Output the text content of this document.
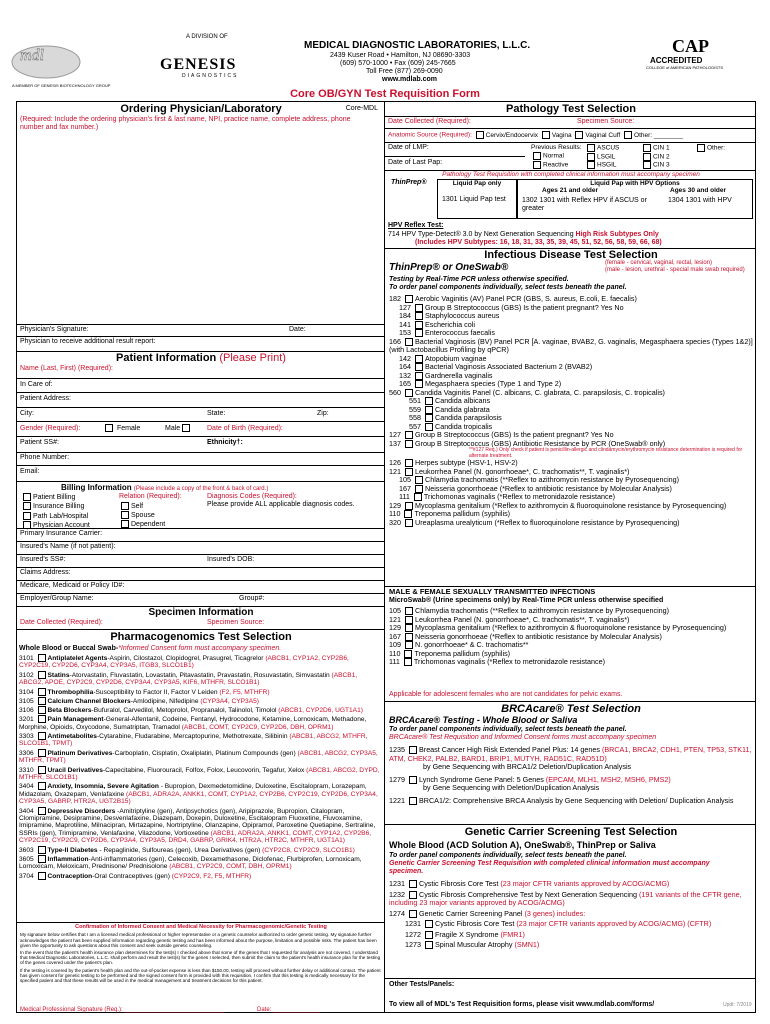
mdl
A DIVISION OF
GENESIS
DIAGNOSTICS
A MEMBER OF GENESIS BIOTECHNOLOGY GROUP
MEDICAL DIAGNOSTIC LABORATORIES, L.L.C.
2439 Kuser Road • Hamilton, NJ 08690-3303
(609) 570-1000 • Fax (609) 245-7665
Toll Free (877) 269-0090
www.mdlab.com
CAP
ACCREDITED
COLLEGE of AMERICAN PATHOLOGISTS
Core OB/GYN Test Requisition Form
Ordering Physician/Laboratory	Core-MDL
(Required: Include the ordering physician's first & last name, NPI, practice name, complete address, phone number and fax number.)
Physician's Signature:	Date:
Physician to receive additional result report:
Patient Information (Please Print)
Name (Last, First) (Required):
In Care of:
Patient Address:
City:	State:	Zip:
Gender (Required):	Female	Male	Date of Birth (Required):
Patient SS#:	Ethnicity†:
Phone Number:
Email:
Billing Information (Please include a copy of the front & back of card.)
Patient Billing
Insurance Billing
Path Lab/Hospital
Physician Account
Relation (Required):
Self
Spouse
Dependent
Diagnosis Codes (Required):
Please provide ALL applicable diagnosis codes.
Primary Insurance Carrier:
Insured's Name (if not patient):
Insured's SS#:	Insured's DOB:
Claims Address:
Medicare, Medicaid or Policy ID#:
Employer/Group Name:	Group#:
Specimen Information
Date Collected (Required):	Specimen Source:
Pharmacogenomics Test Selection
Whole Blood or Buccal Swab-*Informed Consent form must accompany specimen.
3101 Antiplatelet Agents-Aspirin, Cilostazol, Clopidogrel, Prasugrel, Ticagrelor (ABCB1, CYP1A2, CYP2B6, CYP2C19, CYP2D6, CYP3A4, CYP3A5, ITGB3, SLCO1B1)
3102 Statins-Atorvastatin, Fluvastatin, Lovastatin, Pitavastatin, Pravastatin, Rosuvastatin, Simvastatin (ABCB1, ABCG2, APOE, CYP2C9, CYP2D6, CYP3A4, CYP3A5, KIF6, MTHFR, SLCO1B1)
3104 Thrombophilia-Susceptibility to Factor II, Factor V Leiden (F2, F5, MTHFR)
3105 Calcium Channel Blockers-Amlodipine, Nifedipine (CYP3A4, CYP3A5)
3106 Beta Blockers-Bufuralol, Carvedilol, Metoprolol, Propranalol, Talinolol, Timolol (ABCB1, CYP2D6, UGT1A1)
3201 Pain Management-General-Alfentanil, Codeine, Fentanyl, Hydrocodone, Ketamine, Lornoxicam, Methadone, Morphine, Opioids, Oxycodone, Sumatriptan, Tramadol (ABCB1, COMT, CYP2C9, CYP2D6, DBH, OPRM1)
3303 Antimetabolites-Cytarabine, Fludarabine, Mercaptopurine, Methotrexate, Silibinin (ABCB1, ABCG2, MTHFR, SLCO1B1, TPMT)
3306 Platinum Derivatives-Carboplatin, Cisplatin, Oxaliplatin, Platinum Compounds (gen) (ABCB1, ABCG2, CYP3A5, MTHFR, TPMT)
3310 Uracil Derivatives-Capecitabine, Fluorouracil, Folfox, Folox, Leucovorin, Tegafur, Xelox (ABCB1, ABCG2, DYPD, MTHFR, SLCO1B1)
3404 Anxiety, Insomnia, Severe Agitation - Bupropion, Dexmedetomidine, Duloxetine, Escitalopram, Lorazepam, Midazolam, Oxazepam, Venlafaxine (ABCB1, ADRA2A, ANKK1, COMT, CYP1A2, CYP2B6, CYP2C19, CYP2D6, CYP3A4, CYP3A5, GABRP, HTR2A, UGT2B15)
3404 Depressive Disorders -Amitriptyline (gen), Antipsychotics (gen), Aripiprazole, Bupropion, Citalopram, Clomipramine, Desipramine, Desvenlafaxine, Diazepam, Doxepin, Duloxetine, Escitalopram Fluoxetine, Fluvoxamine, Imipramine, Maprotiline, Milnacipran, Mirtazapine, Nortriptyline, Olanzapine, Opipramol, Paroxetine Quetiapine, Sertraline, SSRIs (gen), Trimipramine, Venlafaxine, Vilazodone, Vortioxetine (ABCB1, ADRA2A, ANKK1, COMT, CYP1A2, CYP2B6, CYP2C19, CYP2C9, CYP2D6, CYP3A4, CYP3A5, DRD4, GABRP, GRIK4, HTR2A, HTR2C, MTHFR, UGT1A1)
3603 Type-II Diabetes - Repaglinide, Sulfoureas (gen), Urea Derivatives (gen) (CYP2C8, CYP2C9, SLCO1B1)
3605 Inflammation-Anti-inflammatories (gen), Celecoxib, Dexamethasone, Diclofenac, Flurbiprofen, Lornoxicam, Lornoxicam, Meloxicam, Prednisone/ Prednisolone (ABCB1, CYP2C9, COMT, DBH, OPRM1)
3704 Contraception-Oral Contraceptives (gen) (CYP2C9, F2, F5, MTHFR)
Confirmation of Informed Consent and Medical Necessity for Pharmacogenomic/Genetic Testing
My signature below certifies that I am a licensed medical professional or higher representative or a genetic counselor authorized to order genetic testing. My signature further acknowledges the patient has been supplied information regarding genetic testing and has been informed about the purpose, limitation and possible risks. The patient has been given the opportunity to ask questions about this consent and seek outside genetic counseling.
In the event that the patient's health insurance plan determines for the test(s) I checked above that some of the genes that I requested for analysis are not covered, I understand that Medical Diagnostic Laboratories, L.L.C. shall perform and result the test(s) for the genes I selected, then submit the claim to the patient's health insurance plan for the testing of the genes covered under the patient's plan.
If the testing is covered by the patient's health plan and the out-of-pocket expense is less than $150.00, testing will proceed without further delay or additional contact. The patient has given consent for genetic testing to be performed and the signed consent form is provided with this requisition. I confirm that this testing is medically necessary for the specified patient and that these results will be used in the medical management and treatment decisions for this patient.
Medical Professional Signature (Req.): ______________________________	Date: ______________
Pathology Test Selection
Date Collected (Required):	Specimen Source:
Anatomic Source (Required): Cervix/Endocervix Vagina Vaginal Cuff Other: ________
Date of LMP:	Previous Results:
Normal
Reactive
ASCUS
LSGIL
HSGIL
CIN 1
CIN 2
CIN 3
Other:
Date of Last Pap:
Pathology Test Requisition with completed clinical information must accompany specimen
ThinPrep®	Liquid Pap only
1301 Liquid Pap test
Liquid Pap with HPV Options
Ages 21 and older	Ages 30 and older
1302 1301 with Reflex HPV if ASCUS or greater
1304 1301 with HPV
HPV Reflex Test:
714 HPV Type-Detect® 3.0 by Next Generation Sequencing High Risk Subtypes Only
(Includes HPV Subtypes: 16, 18, 31, 33, 35, 39, 45, 51, 52, 56, 58, 59, 66, 68)
Infectious Disease Test Selection
ThinPrep® or OneSwab®	(female - cervical, vaginal, rectal, lesion)
(male - lesion, urethral - special male swab required)
Testing by Real-Time PCR unless otherwise specified.
To order panel components individually, select tests beneath the panel.
182 Aerobic Vaginitis (AV) Panel PCR (GBS, S. aureus, E.coli, E. faecalis)
127 Group B Streptococcus (GBS) Is the patient pregnant? Yes No
184 Staphylococcus aureus
141 Escherichia coli
153 Enterococcus faecalis
166 Bacterial Vaginosis (BV) Panel PCR [A. vaginae, BVAB2, G. vaginalis, Megasphaera species (Types 1&2)] (with Lactobacillus Profiling by qPCR)
142 Atopobium vaginae
164 Bacterial Vaginosis Associated Bacterium 2 (BVAB2)
132 Gardnerella vaginalis
165 Megasphaera species (Type 1 and Type 2)
560 Candida Vaginitis Panel (C. albicans, C. glabrata, C. parapsilosis, C. tropicalis)
551 Candida albicans
559 Candida glabrata
558 Candida parapsilosis
557 Candida tropicalis
127 Group B Streptococcus (GBS) Is the patient pregnant? Yes No
137 Group B Streptococcus (GBS) Antibiotic Resistance by PCR (OneSwab® only)
**#127 Req.) Only check if patient is penicillin-allergic and clindamycin/erythromycin resistance determination is required for alternate treatment.
126 Herpes subtype (HSV-1, HSV-2)
121 Leukorrhea Panel (N. gonorrhoeae*, C. trachomatis**, T. vaginalis*)
105 Chlamydia trachomatis (**Reflex to azithromycin resistance by Pyrosequencing)
167 Neisseria gonorrhoeae (*Reflex to antibiotic resistance by Molecular Analysis)
111 Trichomonas vaginalis (*Reflex to metronidazole resistance)
129 Mycoplasma genitalium (*Reflex to azithromycin & fluoroquinolone resistance by Pyrosequencing)
110 Treponema pallidum (syphilis)
320 Ureaplasma urealyticum (*Reflex to fluoroquinolone resistance by Pyrosequencing)
MALE & FEMALE SEXUALLY TRANSMITTED INFECTIONS
MicroSwab® (Urine specimens only) by Real-Time PCR unless otherwise specified
105 Chlamydia trachomatis (**Reflex to azithromycin resistance by Pyrosequencing)
121 Leukorrhea Panel (N. gonorrhoeae*, C. trachomatis**, T. vaginalis*)
129 Mycoplasma genitalium (*Reflex to azithromycin & fluoroquinolone resistance by Pyrosequencing)
167 Neisseria gonorrhoeae (*Reflex to antibiotic resistance by Molecular Analysis)
109 N. gonorrhoeae* & C. trachomatis**
110 Treponema pallidum (syphilis)
111 Trichomonas vaginalis (*Reflex to metronidazole resistance)
Applicable for adolescent females who are not candidates for pelvic exams.
BRCAcare® Test Selection
BRCAcare® Testing - Whole Blood or Saliva
To order panel components individually, select tests beneath the panel.
BRCAcare® Test Requisition and Informed Consent forms must accompany specimen
1235 Breast Cancer High Risk Extended Panel Plus: 14 genes (BRCA1, BRCA2, CDH1, PTEN, TP53, STK11, ATM, CHEK2, PALB2, BARD1, BRIP1, MUTYH, RAD51C, RAD51D)
by Gene Sequencing with BRCA1/2 Deletion/Duplication Analysis
1279 Lynch Syndrome Gene Panel: 5 Genes (EPCAM, MLH1, MSH2, MSH6, PMS2)
by Gene Sequencing with Deletion/Duplication Analysis
1221 BRCA1/2: Comprehensive BRCA Analysis by Gene Sequencing with Deletion/ Duplication Analysis
Genetic Carrier Screening Test Selection
Whole Blood (ACD Solution A), OneSwab®, ThinPrep or Saliva
To order panel components individually, select tests beneath the panel.
Genetic Carrier Screening Test Requisition with completed clinical information must accompany specimen.
1231 Cystic Fibrosis Core Test (23 major CFTR variants approved by ACOG/ACMG)
1232 Cystic Fibrosis Comprehensive Test by Next Generation Sequencing (191 variants of the CFTR gene, including 23 major variants approved by ACOG/ACMG)
1274 Genetic Carrier Screening Panel (3 genes) includes:
1231 Cystic Fibrosis Core Test (23 major CFTR variants approved by ACOG/ACMG) (CFTR)
1272 Fragile X Syndrome (FMR1)
1273 Spinal Muscular Atrophy (SMN1)
Other Tests/Panels:
To view all of MDL's Test Requisition forms, please visit www.mdlab.com/forms/	Updt: 7/2019
